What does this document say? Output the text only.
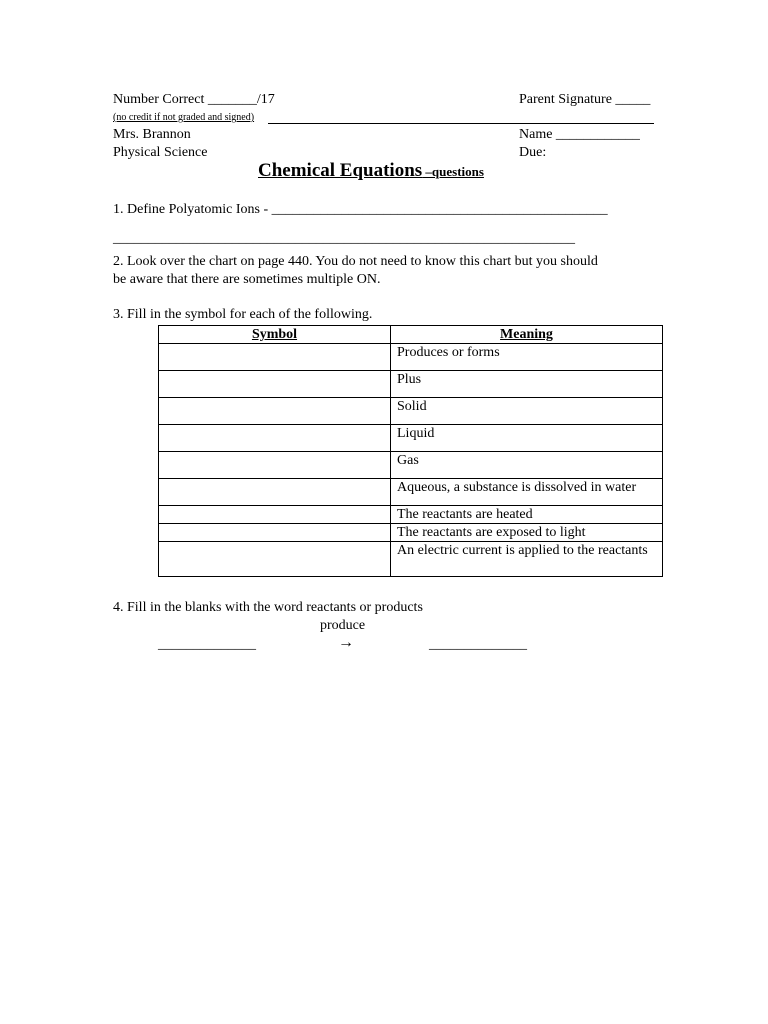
Number Correct _______/17	Parent Signature _____
(no credit if not graded and signed)
Mrs. Brannon	Name ____________
Physical Science	Due:
Chemical Equations –questions
1. Define Polyatomic Ions - ________________________________________________
__________________________________________________________________
2. Look over the chart on page 440. You do not need to know this chart but you should
be aware that there are sometimes multiple ON.
3. Fill in the symbol for each of the following.
Symbol	Meaning
	Produces or forms
	Plus
	Solid
	Liquid
	Gas
	Aqueous, a substance is dissolved in water
	The reactants are heated
	The reactants are exposed to light
	An electric current is applied to the reactants
4. Fill in the blanks with the word reactants or products
produce
______________	→	______________
